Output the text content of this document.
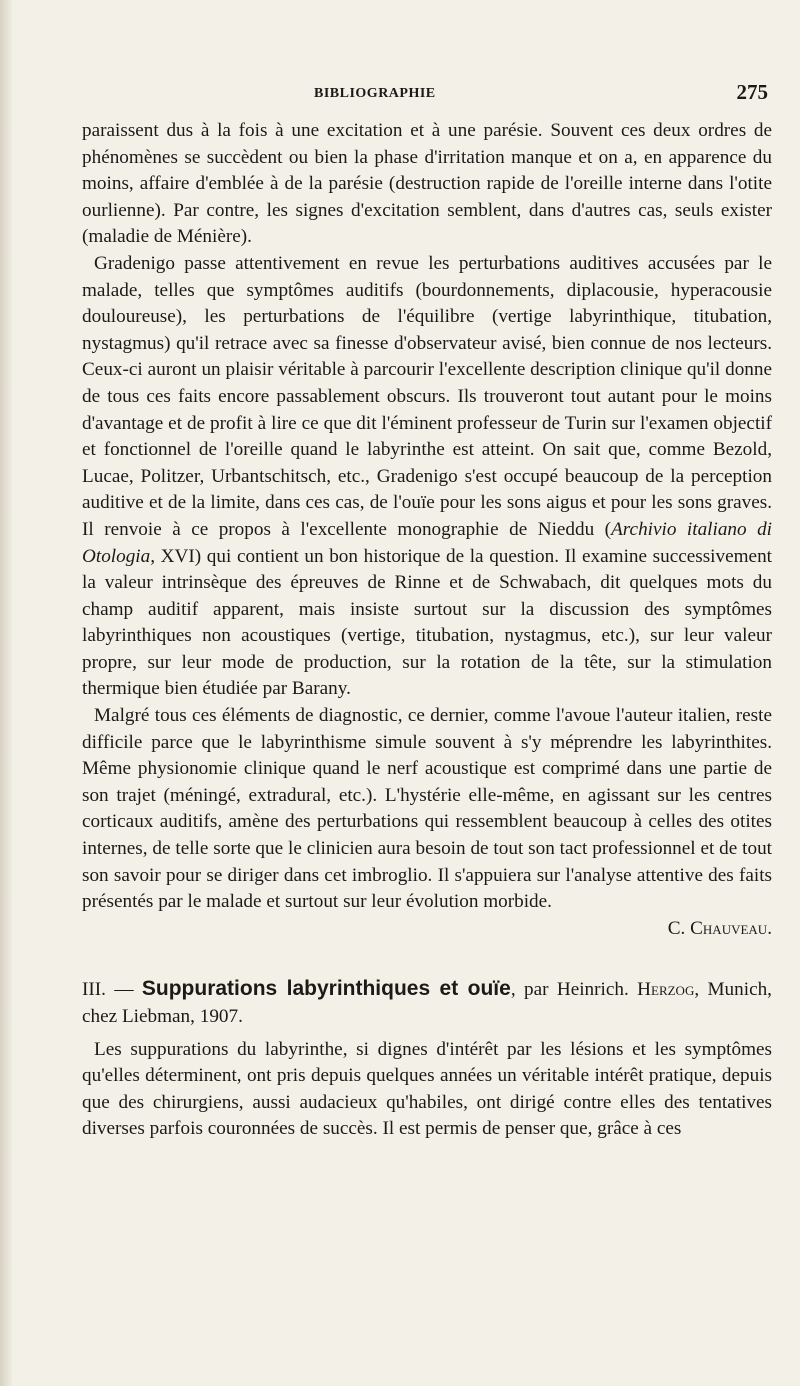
BIBLIOGRAPHIE	275

paraissent dus à la fois à une excitation et à une parésie. Souvent ces deux ordres de phénomènes se succèdent ou bien la phase d'irritation manque et on a, en apparence du moins, affaire d'emblée à de la parésie (destruction rapide de l'oreille interne dans l'otite ourlienne). Par contre, les signes d'excitation semblent, dans d'autres cas, seuls exister (maladie de Ménière).

Gradenigo passe attentivement en revue les perturbations auditives accusées par le malade, telles que symptômes auditifs (bourdonnements, diplacousie, hyperacousie douloureuse), les perturbations de l'équilibre (vertige labyrinthique, titubation, nystagmus) qu'il retrace avec sa finesse d'observateur avisé, bien connue de nos lecteurs. Ceux-ci auront un plaisir véritable à parcourir l'excellente description clinique qu'il donne de tous ces faits encore passablement obscurs. Ils trouveront tout autant pour le moins d'avantage et de profit à lire ce que dit l'éminent professeur de Turin sur l'examen objectif et fonctionnel de l'oreille quand le labyrinthe est atteint. On sait que, comme Bezold, Lucae, Politzer, Urbantschitsch, etc., Gradenigo s'est occupé beaucoup de la perception auditive et de la limite, dans ces cas, de l'ouïe pour les sons aigus et pour les sons graves. Il renvoie à ce propos à l'excellente monographie de Nieddu (Archivio italiano di Otologia, XVI) qui contient un bon historique de la question. Il examine successivement la valeur intrinsèque des épreuves de Rinne et de Schwabach, dit quelques mots du champ auditif apparent, mais insiste surtout sur la discussion des symptômes labyrinthiques non acoustiques (vertige, titubation, nystagmus, etc.), sur leur valeur propre, sur leur mode de production, sur la rotation de la tête, sur la stimulation thermique bien étudiée par Barany.

Malgré tous ces éléments de diagnostic, ce dernier, comme l'avoue l'auteur italien, reste difficile parce que le labyrinthisme simule souvent à s'y méprendre les labyrinthites. Même physionomie clinique quand le nerf acoustique est comprimé dans une partie de son trajet (méningé, extradural, etc.). L'hystérie elle-même, en agissant sur les centres corticaux auditifs, amène des perturbations qui ressemblent beaucoup à celles des otites internes, de telle sorte que le clinicien aura besoin de tout son tact professionnel et de tout son savoir pour se diriger dans cet imbroglio. Il s'appuiera sur l'analyse attentive des faits présentés par le malade et surtout sur leur évolution morbide.

C. Chauveau.

III. — Suppurations labyrinthiques et ouïe, par Heinrich. Herzog, Munich, chez Liebman, 1907.

Les suppurations du labyrinthe, si dignes d'intérêt par les lésions et les symptômes qu'elles déterminent, ont pris depuis quelques années un véritable intérêt pratique, depuis que des chirurgiens, aussi audacieux qu'habiles, ont dirigé contre elles des tentatives diverses parfois couronnées de succès. Il est permis de penser que, grâce à ces
